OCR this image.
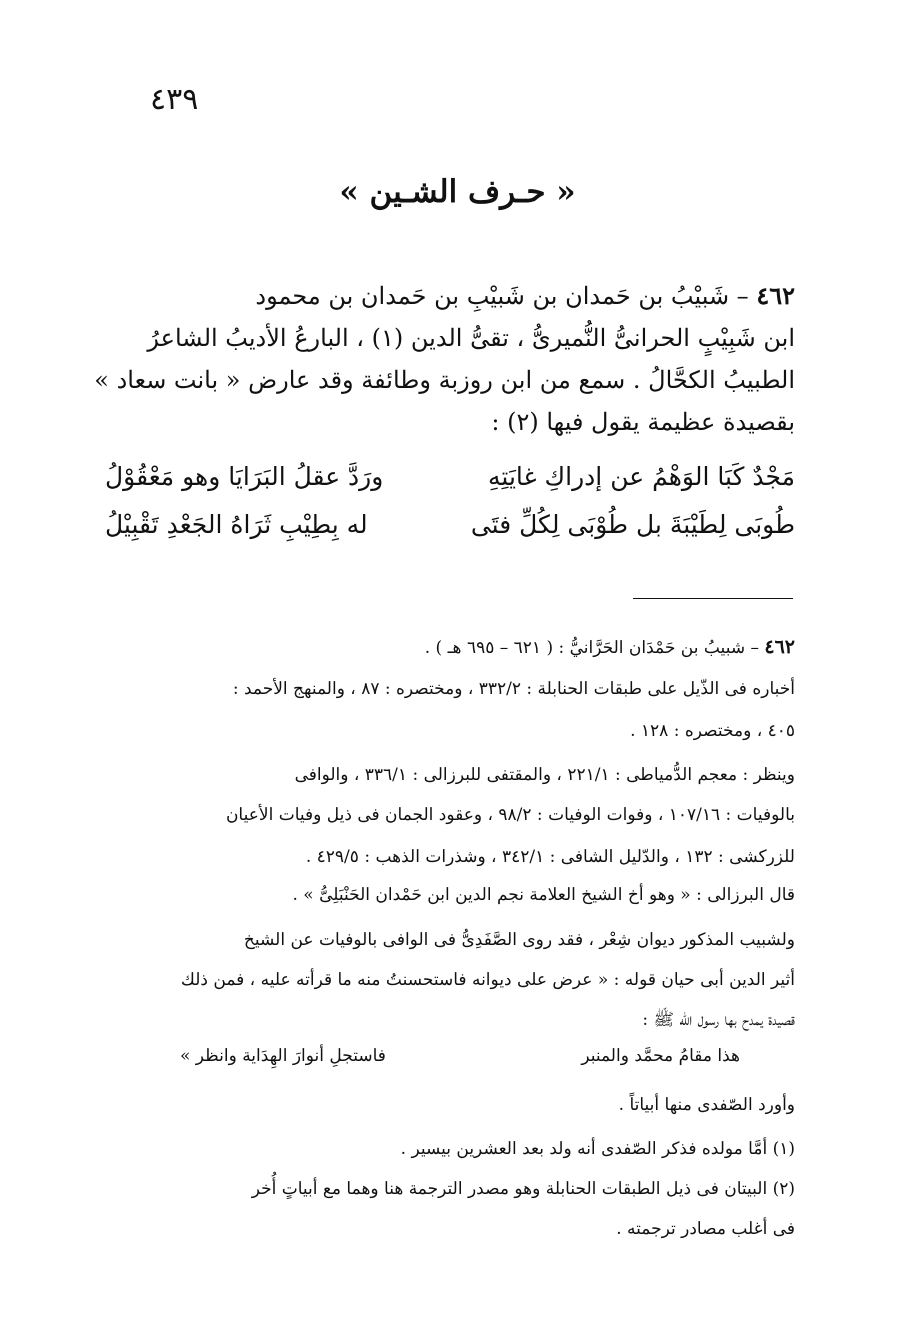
٤٣٩
« حـرف الشـين »
٤٦٢ – شَبيْبُ بن حَمدان بن شَبيْبِ بن حَمدان بن محمود
ابن شَبِيْبٍ الحرانىُّ النُّميرىُّ ، تقىُّ الدين (١) ، البارعُ الأديبُ الشاعرُ
الطبيبُ الكحَّالُ . سمع من ابن روزبة وطائفة وقد عارض « بانت سعاد »
بقصيدة عظيمة يقول فيها (٢) :
مَجْدٌ كَبَا الوَهْمُ عن إدراكِ غايَتِهِ
ورَدَّ عقلُ البَرَايَا وهو مَعْقُوْلُ
طُوبَى لِطَيْبَةَ بل طُوْبَى لِكُلِّ فتَى
له بِطِيْبِ ثَرَاهُ الجَعْدِ تَقْبِيْلُ
٤٦٢ – شبيبُ بن حَمْدَان الحَرَّانيُّ : ( ٦٢١ – ٦٩٥ هـ ) .
أخباره فى الذّيل على طبقات الحنابلة : ٣٣٢/٢ ، ومختصره : ٨٧ ، والمنهج الأحمد :
٤٠٥ ، ومختصره : ١٢٨ .
وينظر : معجم الدُّمياطى : ٢٢١/١ ، والمقتفى للبرزالى : ٣٣٦/١ ، والوافى
بالوفيات : ١٠٧/١٦ ، وفوات الوفيات : ٩٨/٢ ، وعقود الجمان فى ذيل وفيات الأعيان
للزركشى : ١٣٢ ، والدّليل الشافى : ٣٤٢/١ ، وشذرات الذهب : ٤٢٩/٥ .
قال البرزالى : « وهو أخ الشيخ العلامة نجم الدين ابن حَمْدان الحَنْبَلِىُّ » .
ولشبيب المذكور ديوان شِعْر ، فقد روى الصَّفَدِىُّ فى الوافى بالوفيات عن الشيخ
أثير الدين أبى حيان قوله : « عرض على ديوانه فاستحسنتُ منه ما قرأته عليه ، فمن ذلك
قصيدة يمدح بها رسول الله ﷺ :
هذا مقامُ محمَّد والمنبر
فاستجلِ أنوارَ الهِدَاية وانظر »
وأورد الصّفدى منها أبياتاً .
(١) أمَّا مولده فذكر الصّفدى أنه ولد بعد العشرين بيسير .
(٢) البيتان فى ذيل الطبقات الحنابلة وهو مصدر الترجمة هنا وهما مع أبياتٍ أُخر
فى أغلب مصادر ترجمته .
